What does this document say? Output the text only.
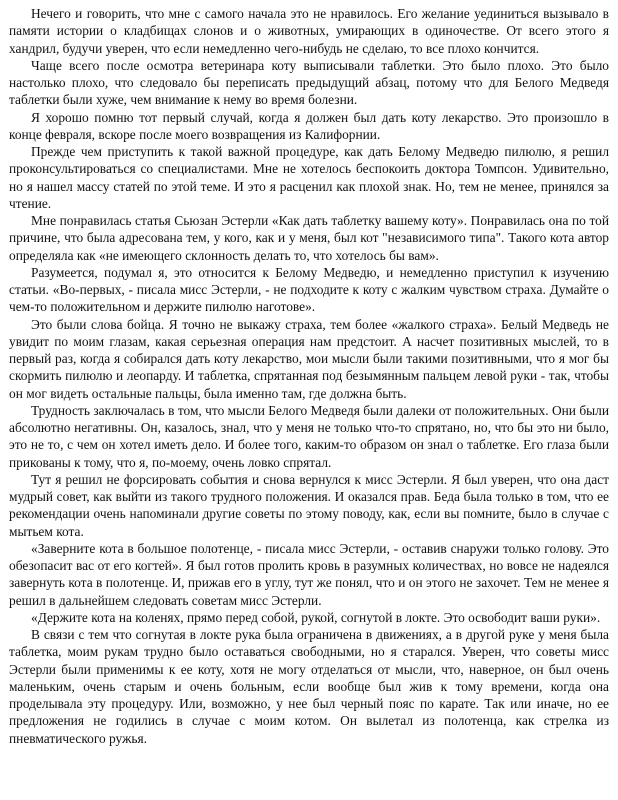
Нечего и говорить, что мне с самого начала это не нравилось. Его желание уединиться вызывало в памяти истории о кладбищах слонов и о животных, умирающих в одиночестве. От всего этого я хандрил, будучи уверен, что если немедленно чего-нибудь не сделаю, то все плохо кончится.

Чаще всего после осмотра ветеринара коту выписывали таблетки. Это было плохо. Это было настолько плохо, что следовало бы переписать предыдущий абзац, потому что для Белого Медведя таблетки были хуже, чем внимание к нему во время болезни.

Я хорошо помню тот первый случай, когда я должен был дать коту лекарство. Это произошло в конце февраля, вскоре после моего возвращения из Калифорнии.

Прежде чем приступить к такой важной процедуре, как дать Белому Медведю пилюлю, я решил проконсультироваться со специалистами. Мне не хотелось беспокоить доктора Томпсон. Удивительно, но я нашел массу статей по этой теме. И это я расценил как плохой знак. Но, тем не менее, принялся за чтение.

Мне понравилась статья Сьюзан Эстерли «Как дать таблетку вашему коту». Понравилась она по той причине, что была адресована тем, у кого, как и у меня, был кот "независимого типа". Такого кота автор определяла как «не имеющего склонность делать то, что хотелось бы вам».

Разумеется, подумал я, это относится к Белому Медведю, и немедленно приступил к изучению статьи. «Во-первых, - писала мисс Эстерли, - не подходите к коту с жалким чувством страха. Думайте о чем-то положительном и держите пилюлю наготове».

Это были слова бойца. Я точно не выкажу страха, тем более «жалкого страха». Белый Медведь не увидит по моим глазам, какая серьезная операция нам предстоит. А насчет позитивных мыслей, то в первый раз, когда я собирался дать коту лекарство, мои мысли были такими позитивными, что я мог бы скормить пилюлю и леопарду. И таблетка, спрятанная под безымянным пальцем левой руки - так, чтобы он мог видеть остальные пальцы, была именно там, где должна быть.

Трудность заключалась в том, что мысли Белого Медведя были далеки от положительных. Они были абсолютно негативны. Он, казалось, знал, что у меня не только что-то спрятано, но, что бы это ни было, это не то, с чем он хотел иметь дело. И более того, каким-то образом он знал о таблетке. Его глаза были прикованы к тому, что я, по-моему, очень ловко спрятал.

Тут я решил не форсировать события и снова вернулся к мисс Эстерли. Я был уверен, что она даст мудрый совет, как выйти из такого трудного положения. И оказался прав. Беда была только в том, что ее рекомендации очень напоминали другие советы по этому поводу, как, если вы помните, было в случае с мытьем кота.

«Заверните кота в большое полотенце, - писала мисс Эстерли, - оставив снаружи только голову. Это обезопасит вас от его когтей». Я был готов пролить кровь в разумных количествах, но вовсе не надеялся завернуть кота в полотенце. И, прижав его в углу, тут же понял, что и он этого не захочет. Тем не менее я решил в дальнейшем следовать советам мисс Эстерли.

«Держите кота на коленях, прямо перед собой, рукой, согнутой в локте. Это освободит ваши руки».

В связи с тем что согнутая в локте рука была ограничена в движениях, а в другой руке у меня была таблетка, моим рукам трудно было оставаться свободными, но я старался. Уверен, что советы мисс Эстерли были применимы к ее коту, хотя не могу отделаться от мысли, что, наверное, он был очень маленьким, очень старым и очень больным, если вообще был жив к тому времени, когда она проделывала эту процедуру. Или, возможно, у нее был черный пояс по карате. Так или иначе, но ее предложения не годились в случае с моим котом. Он вылетал из полотенца, как стрелка из пневматического ружья.
